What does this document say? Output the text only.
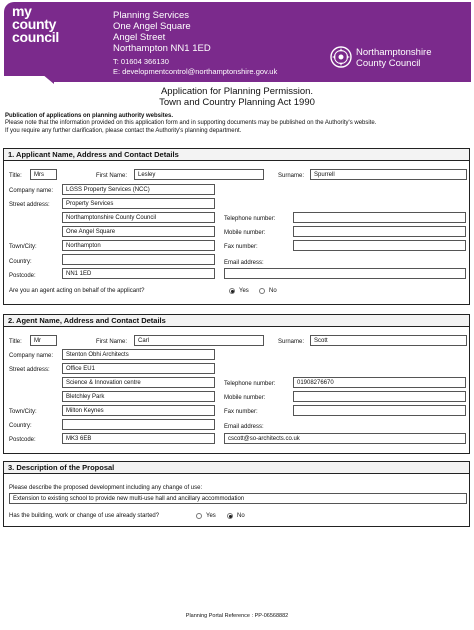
my
county
council
Planning Services
One Angel Square
Angel Street
Northampton NN1 1ED
T: 01604 366130
E: developmentcontrol@northamptonshire.gov.uk
Northamptonshire
County Council
Application for Planning Permission.
Town and Country Planning Act 1990
Publication of applications on planning authority websites.
Please note that the information provided on this application form and in supporting documents may be published on the Authority's website.
If you require any further clarification, please contact the Authority's planning department.
1. Applicant Name, Address and Contact Details
Title:	Mrs	First Name:	Lesley	Surname:	Spurrell
Company name:	LGSS Property Services (NCC)
Street address:	Property Services
Northamptonshire County Council
One Angel Square
Town/City:	Northampton
Country:
Postcode:	NN1 1ED
Telephone number:
Mobile number:
Fax number:
Email address:
Are you an agent acting on behalf of the applicant?	Yes	No
2. Agent Name, Address and Contact Details
Title:	Mr	First Name:	Carl	Surname:	Scott
Company name:	Stenton Obhi Architects
Street address:	Office EU1
Science & Innovation centre
Bletchley Park
Town/City:	Milton Keynes
Country:
Postcode:	MK3 6EB
Telephone number:	01908276670
Mobile number:
Fax number:
Email address:
cscott@so-architects.co.uk
3. Description of the Proposal
Please describe the proposed development including any change of use:
Extension to existing school to provide new multi-use hall and ancillary accommodation
Has the building, work or change of use already started?	Yes	No
Planning Portal Reference : PP-06568882
